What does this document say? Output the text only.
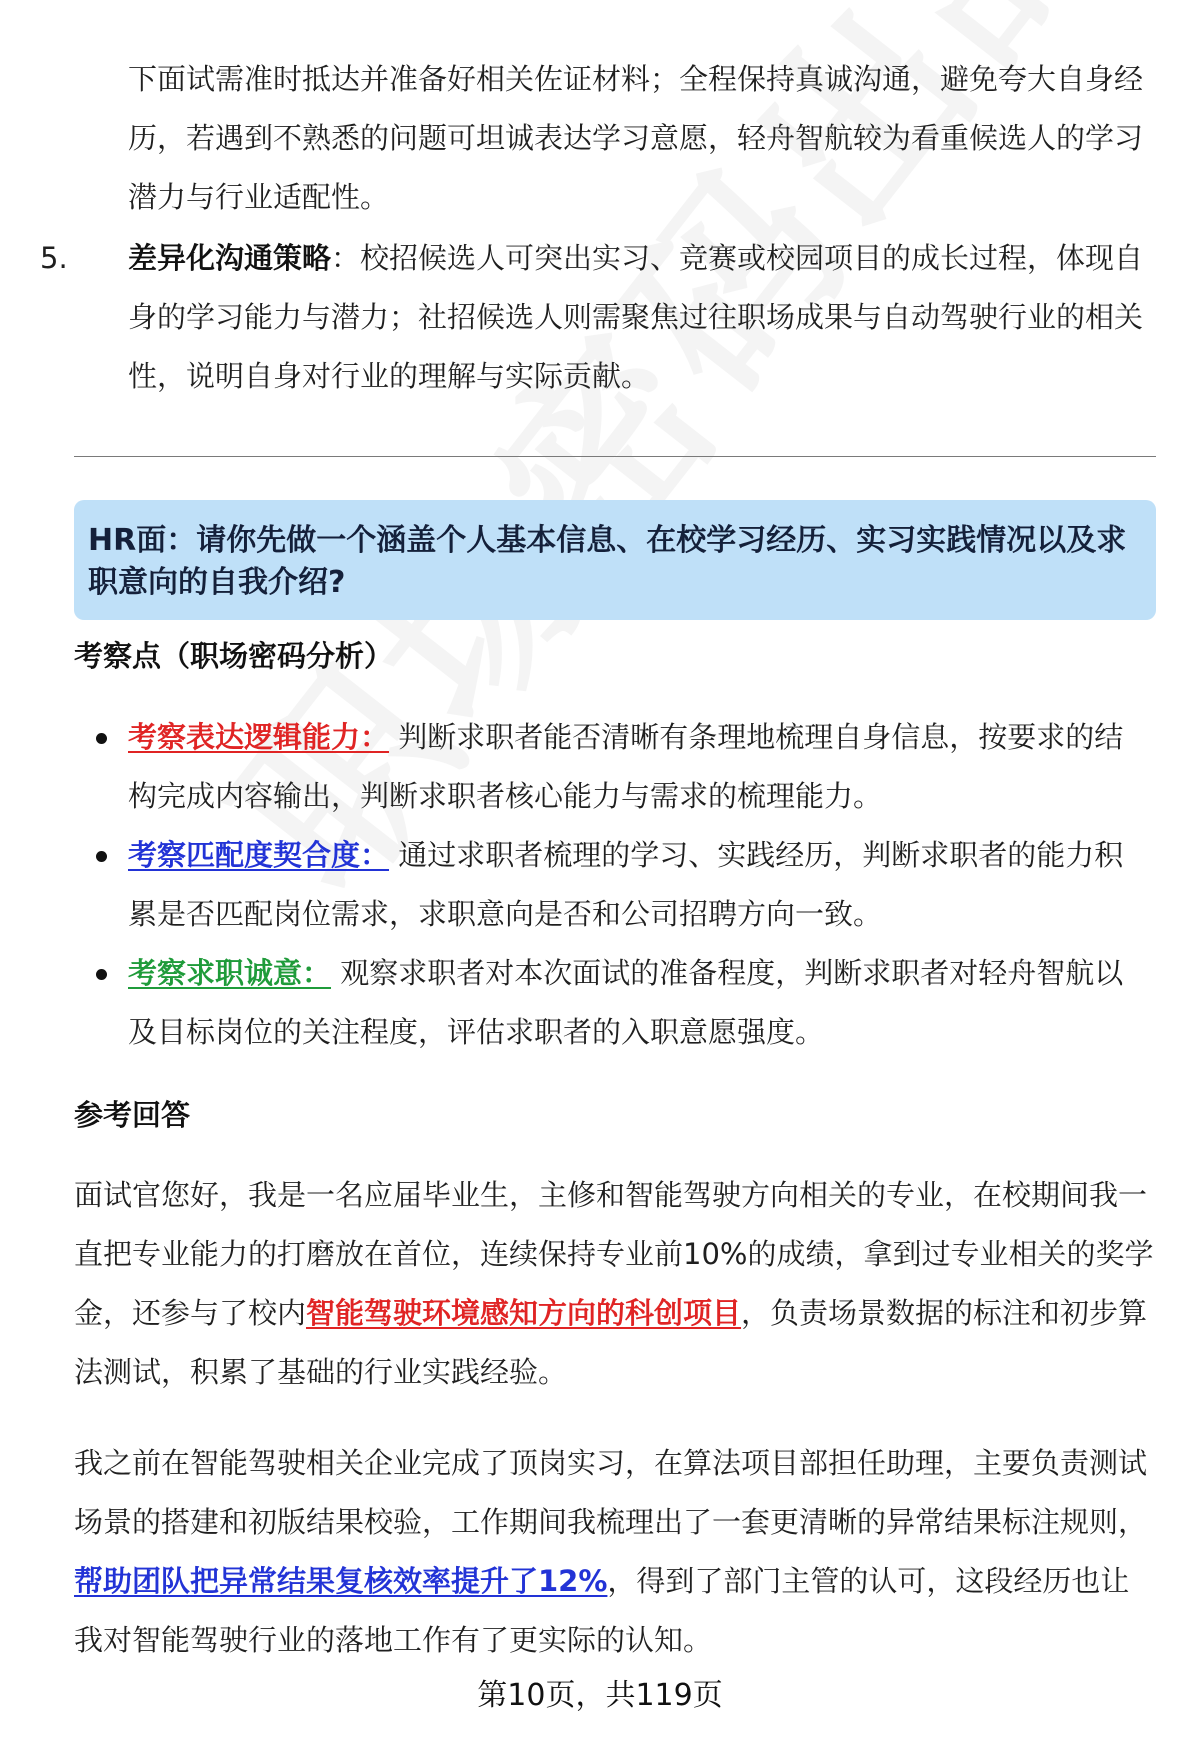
下面试需准时抵达并准备好相关佐证材料；全程保持真诚沟通，避免夸大自身经历，若遇到不熟悉的问题可坦诚表达学习意愿，轻舟智航较为看重候选人的学习潜力与行业适配性。
5. 差异化沟通策略：校招候选人可突出实习、竞赛或校园项目的成长过程，体现自身的学习能力与潜力；社招候选人则需聚焦过往职场成果与自动驾驶行业的相关性，说明自身对行业的理解与实际贡献。
HR面：请你先做一个涵盖个人基本信息、在校学习经历、实习实践情况以及求职意向的自我介绍?
考察点（职场密码分析）
考察表达逻辑能力： 判断求职者能否清晰有条理地梳理自身信息，按要求的结构完成内容输出，判断求职者核心能力与需求的梳理能力。
考察匹配度契合度： 通过求职者梳理的学习、实践经历，判断求职者的能力积累是否匹配岗位需求，求职意向是否和公司招聘方向一致。
考察求职诚意： 观察求职者对本次面试的准备程度，判断求职者对轻舟智航以及目标岗位的关注程度，评估求职者的入职意愿强度。
参考回答
面试官您好，我是一名应届毕业生，主修和智能驾驶方向相关的专业，在校期间我一直把专业能力的打磨放在首位，连续保持专业前10%的成绩，拿到过专业相关的奖学金，还参与了校内智能驾驶环境感知方向的科创项目，负责场景数据的标注和初步算法测试，积累了基础的行业实践经验。
我之前在智能驾驶相关企业完成了顶岗实习，在算法项目部担任助理，主要负责测试场景的搭建和初版结果校验，工作期间我梳理出了一套更清晰的异常结果标注规则，帮助团队把异常结果复核效率提升了12%，得到了部门主管的认可，这段经历也让我对智能驾驶行业的落地工作有了更实际的认知。
第10页，共119页
